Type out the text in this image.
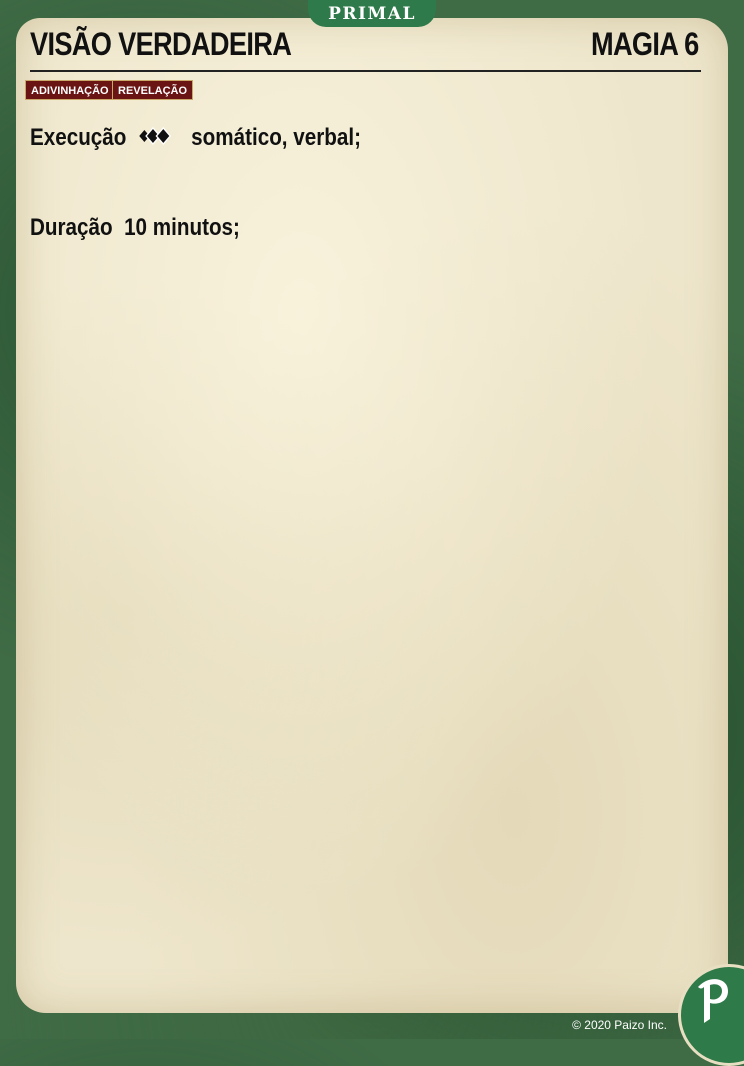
PRIMAL
VISÃO VERDADEIRA	MAGIA 6
ADIVINHAÇÃO REVELAÇÃO
Execução	somático, verbal;
Duração 10 minutos;
© 2020 Paizo Inc.
